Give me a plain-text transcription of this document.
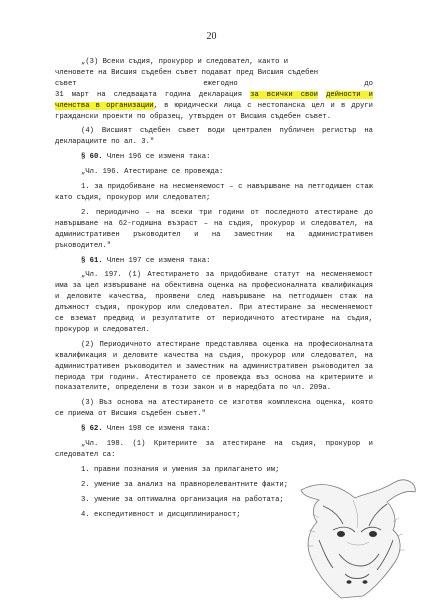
20

„(3) Всеки съдия, прокурор и следовател, както и

членовете на Висшия съдебен съвет подават пред Висшия съдебен
съвет	ежегодно	до

31 март на следващата година декларация за всички свои дейности и членства в организации, в юридически лица с нестопанска цел и в други граждански проекти по образец, утвърден от Висшия съдебен съвет.

(4) Висшият съдебен съвет води централен публичен регистър на декларациите по ал. 3."

§ 60. Член 196 се изменя така:

„Чл. 196. Атестиране се провежда:

1. за придобиване на несменяемост – с навършване на петгодишен стаж като съдия, прокурор или следовател;

2. периодично – на всеки три години от последното атестиране до навършване на 62-годишна възраст – на съдия, прокурор и следовател, на административен ръководител и на заместник на административен ръководител."

§ 61. Член 197 се изменя така:

„Чл. 197. (1) Атестирането за придобиване статут на несменяемост има за цел извършване на обективна оценка на професионалната квалификация и деловите качества, проявени след навършване на петгодишен стаж на длъжност съдия, прокурор или следовател. При атестиране за несменяемост се вземат предвид и резултатите от периодичното атестиране на съдия, прокурор и следовател.

(2) Периодичното атестиране представлява оценка на професионалната квалификация и деловите качества на съдия, прокурор или следовател, на административен ръководител и заместник на административен ръководител за периода три години. Атестирането се провежда въз основа на критериите и показателите, определени в този закон и в наредбата по чл. 209а.

(3) Въз основа на атестирането се изготвя комплексна оценка, която се приема от Висшия съдебен съвет."

§ 62. Член 198 се изменя така:

„Чл. 198. (1) Критериите за атестиране на съдия, прокурор и следовател са:

1. правни познания и умения за прилагането им;

2. умение за анализ на правнорелевантните факти;

3. умение за оптимална организация на работата;

4. експедитивност и дисциплинираност;
